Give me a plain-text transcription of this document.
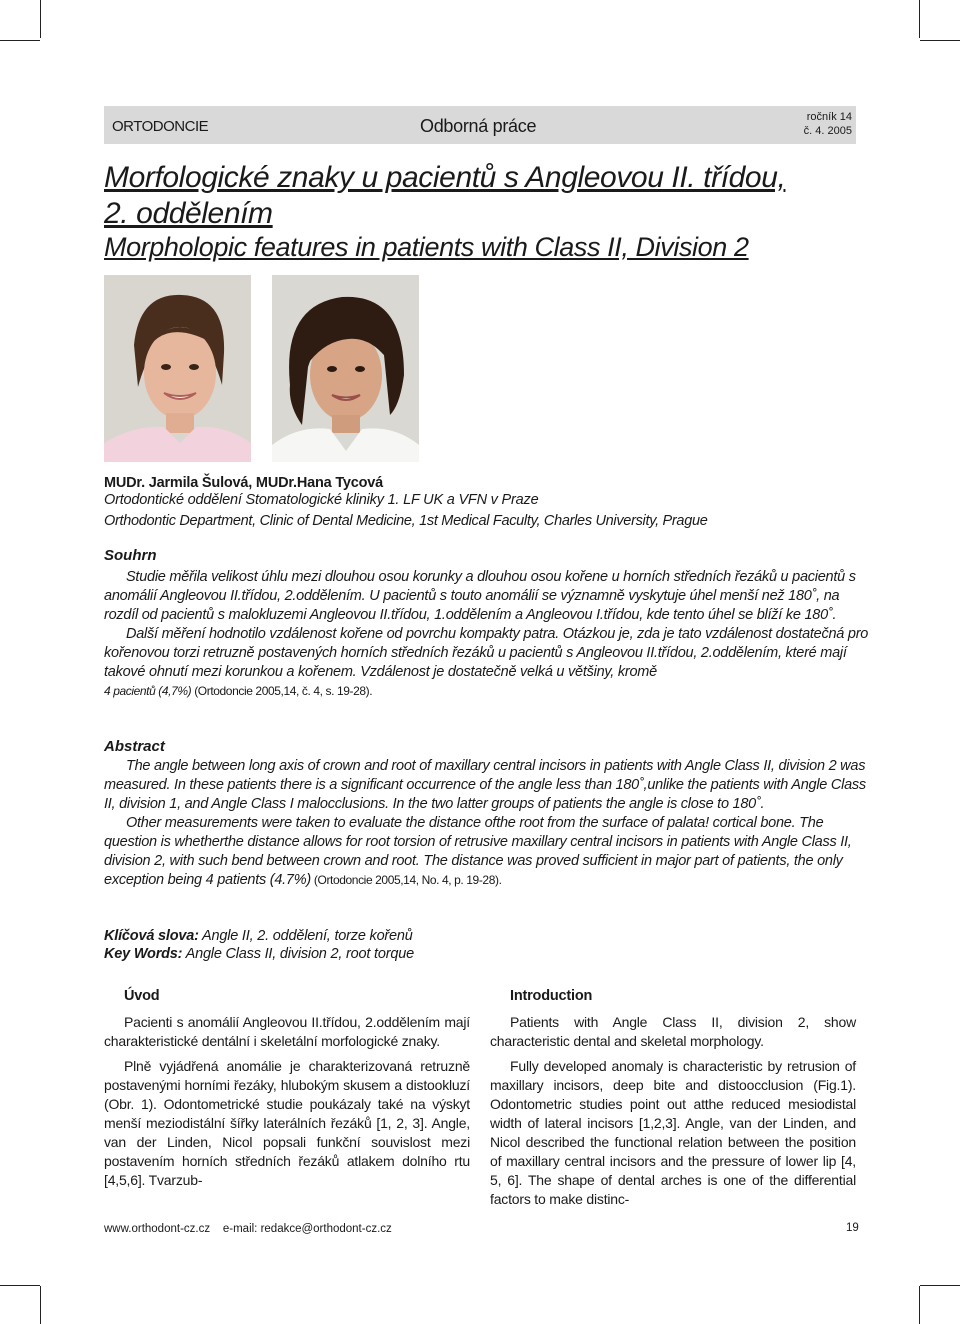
ORTODONCIE	Odborná práce	ročník 14
č. 4. 2005
Morfologické znaky u pacientů s Angleovou II. třídou,
2. oddělením
Morpholopic features in patients with Class II, Division 2
MUDr. Jarmila Šulová, MUDr.Hana Tycová
Ortodontické oddělení Stomatologické kliniky 1. LF UK a VFN v Praze
Orthodontic Department, Clinic of Dental Medicine, 1st Medical Faculty, Charles University, Prague
Souhrn

Studie měřila velikost úhlu mezi dlouhou osou korunky a dlouhou osou kořene u horních středních řezáků u pacientů s anomálií Angleovou II.třídou, 2.oddělením. U pacientů s touto anomálií se významně vyskytuje úhel menší než 180˚, na rozdíl od pacientů s malokluzemi Angleovou II.třídou, 1.oddělením a Angleovou I.třídou, kde tento úhel se blíží ke 180˚.

Další měření hodnotilo vzdálenost kořene od povrchu kompakty patra. Otázkou je, zda je tato vzdálenost dostatečná pro kořenovou torzi retruzně postavených horních středních řezáků u pacientů s Angleovou II.třídou, 2.oddělením, které mají takové ohnutí mezi korunkou a kořenem. Vzdálenost je dostatečně velká u většiny, kromě
4 pacientů (4,7%) (Ortodoncie 2005,14, č. 4, s. 19-28).

Abstract

The angle between long axis of crown and root of maxillary central incisors in patients with Angle Class II, division 2 was measured. In these patients there is a significant occurrence of the angle less than 180˚,unlike the patients with Angle Class II, division 1, and Angle Class I malocclusions. In the two latter groups of patients the angle is close to 180˚.

Other measurements were taken to evaluate the distance ofthe root from the surface of palata! cortical bone. The question is whetherthe distance allows for root torsion of retrusive maxillary central incisors in patients with Angle Class II, division 2, with such bend between crown and root. The distance was proved sufficient in major part of patients, the only exception being 4 patients (4.7%) (Ortodoncie 2005,14, No. 4, p. 19-28).

Klíčová slova: Angle II, 2. oddělení, torze kořenů
Key Words: Angle Class II, division 2, root torque
Úvod

Pacienti s anomálií Angleovou II.třídou, 2.oddělením mají charakteristické dentální i skeletální morfologické znaky.

Plně vyjádřená anomálie je charakterizovaná retruzně postavenými horními řezáky, hlubokým skusem a distookluzí (Obr. 1). Odontometrické studie poukázaly také na výskyt menší meziodistální šířky laterálních řezáků [1, 2, 3]. Angle, van der Linden, Nicol popsali funkční souvislost mezi postavením horních středních řezáků atlakem dolního rtu [4,5,6]. Tvarzub-

Introduction

Patients with Angle Class II, division 2, show characteristic dental and skeletal morphology.

Fully developed anomaly is characteristic by retrusion of maxillary incisors, deep bite and distoocclusion (Fig.1). Odontometric studies point out atthe reduced mesiodistal width of lateral incisors [1,2,3]. Angle, van der Linden, and Nicol described the functional relation between the position of maxillary central incisors and the pressure of lower lip [4, 5, 6]. The shape of dental arches is one of the differential factors to make distinc-

www.orthodont-cz.cz    e-mail: redakce@orthodont-cz.cz	19
